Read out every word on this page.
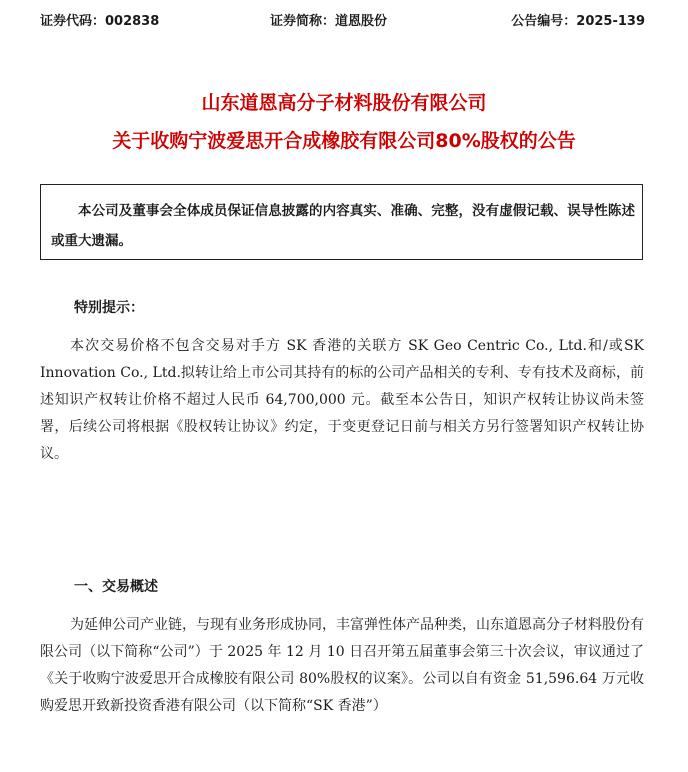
证券代码：002838	证券简称：道恩股份	公告编号：2025-139
山东道恩高分子材料股份有限公司
关于收购宁波爱思开合成橡胶有限公司80%股权的公告
本公司及董事会全体成员保证信息披露的内容真实、准确、完整，没有虚假记载、误导性陈述或重大遗漏。
特别提示：
本次交易价格不包含交易对手方 SK 香港的关联方 SK Geo Centric Co., Ltd.和/或SK Innovation Co., Ltd.拟转让给上市公司其持有的标的公司产品相关的专利、专有技术及商标，前述知识产权转让价格不超过人民币 64,700,000 元。截至本公告日，知识产权转让协议尚未签署，后续公司将根据《股权转让协议》约定，于变更登记日前与相关方另行签署知识产权转让协议。
一、交易概述
为延伸公司产业链，与现有业务形成协同，丰富弹性体产品种类，山东道恩高分子材料股份有限公司（以下简称“公司”）于 2025 年 12 月 10 日召开第五届董事会第三十次会议，审议通过了《关于收购宁波爱思开合成橡胶有限公司 80%股权的议案》。公司以自有资金 51,596.64 万元收购爱思开致新投资香港有限公司（以下简称“SK 香港”）
